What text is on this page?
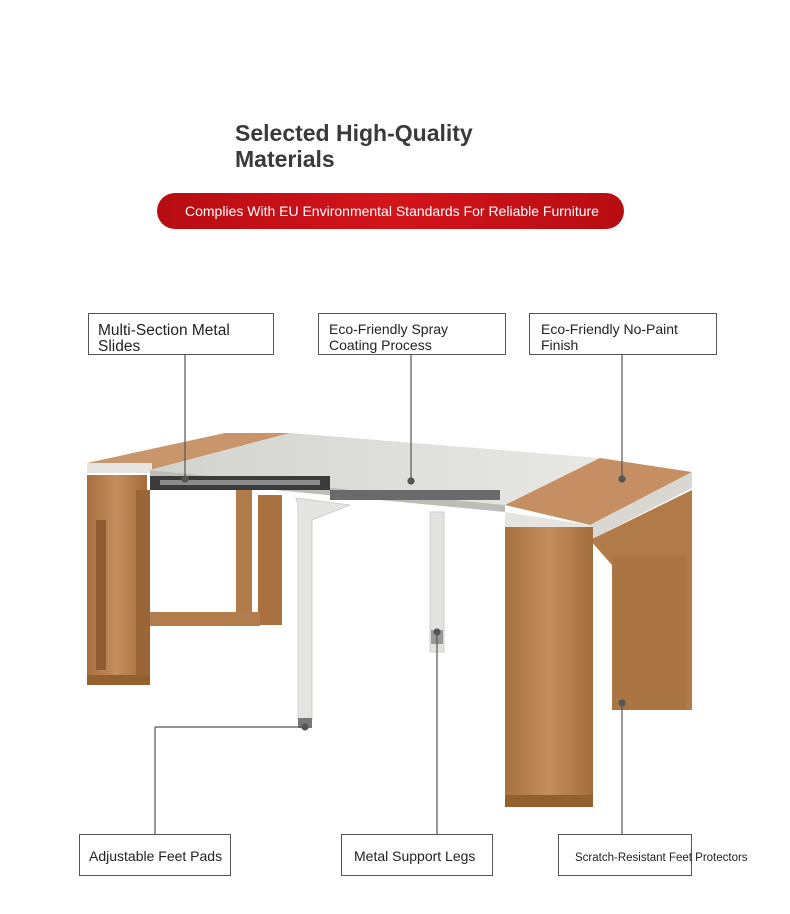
Selected High-Quality
Materials
Complies With EU Environmental Standards For Reliable Furniture
Multi-Section Metal
Slides
Eco-Friendly Spray
Coating Process
Eco-Friendly No-Paint
Finish
Adjustable Feet Pads	Metal Support Legs	Scratch-Resistant Feet Protectors
